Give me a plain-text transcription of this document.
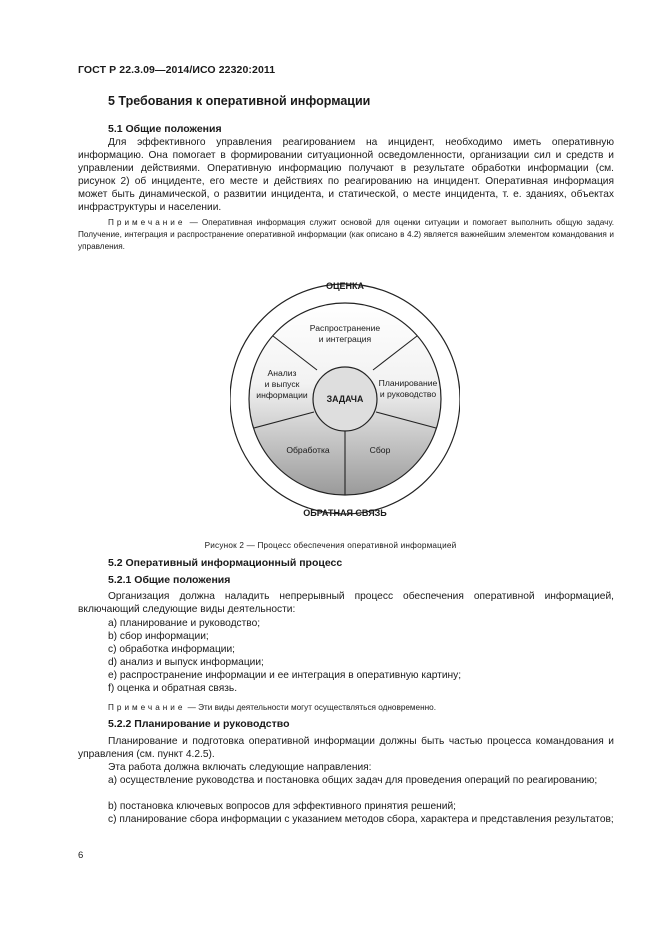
ГОСТ Р 22.3.09—2014/ИСО 22320:2011
5 Требования к оперативной информации
5.1 Общие положения
Для эффективного управления реагированием на инцидент, необходимо иметь оперативную информацию. Она помогает в формировании ситуационной осведомленности, организации сил и средств и управлении действиями. Оперативную информацию получают в результате обработки информации (см. рисунок 2) об инциденте, его месте и действиях по реагированию на инцидент. Оперативная информация может быть динамической, о развитии инцидента, и статической, о месте инцидента, т. е. зданиях, объектах инфраструктуры и населении.
Примечание — Оперативная информация служит основой для оценки ситуации и помогает выполнить общую задачу. Получение, интеграция и распространение оперативной информации (как описано в 4.2) является важнейшим элементом командования и управления.
ОЦЕНКА
ОБРАТНАЯ СВЯЗЬ
ЗАДАЧА
Распространение
и интеграция
Планирование
и руководство
Анализ
и выпуск
информации
Обработка	Сбор
Рисунок 2 — Процесс обеспечения оперативной информацией
5.2 Оперативный информационный процесс
5.2.1 Общие положения
Организация должна наладить непрерывный процесс обеспечения оперативной информацией, включающий следующие виды деятельности:
a) планирование и руководство;
b) сбор информации;
c) обработка информации;
d) анализ и выпуск информации;
e) распространение информации и ее интеграция в оперативную картину;
f) оценка и обратная связь.
Примечание — Эти виды деятельности могут осуществляться одновременно.
5.2.2 Планирование и руководство
Планирование и подготовка оперативной информации должны быть частью процесса командования и управления (см. пункт 4.2.5).
Эта работа должна включать следующие направления:
а) осуществление руководства и постановка общих задач для проведения операций по реагированию;
b) постановка ключевых вопросов для эффективного принятия решений;
c) планирование сбора информации с указанием методов сбора, характера и представления результатов;
6
